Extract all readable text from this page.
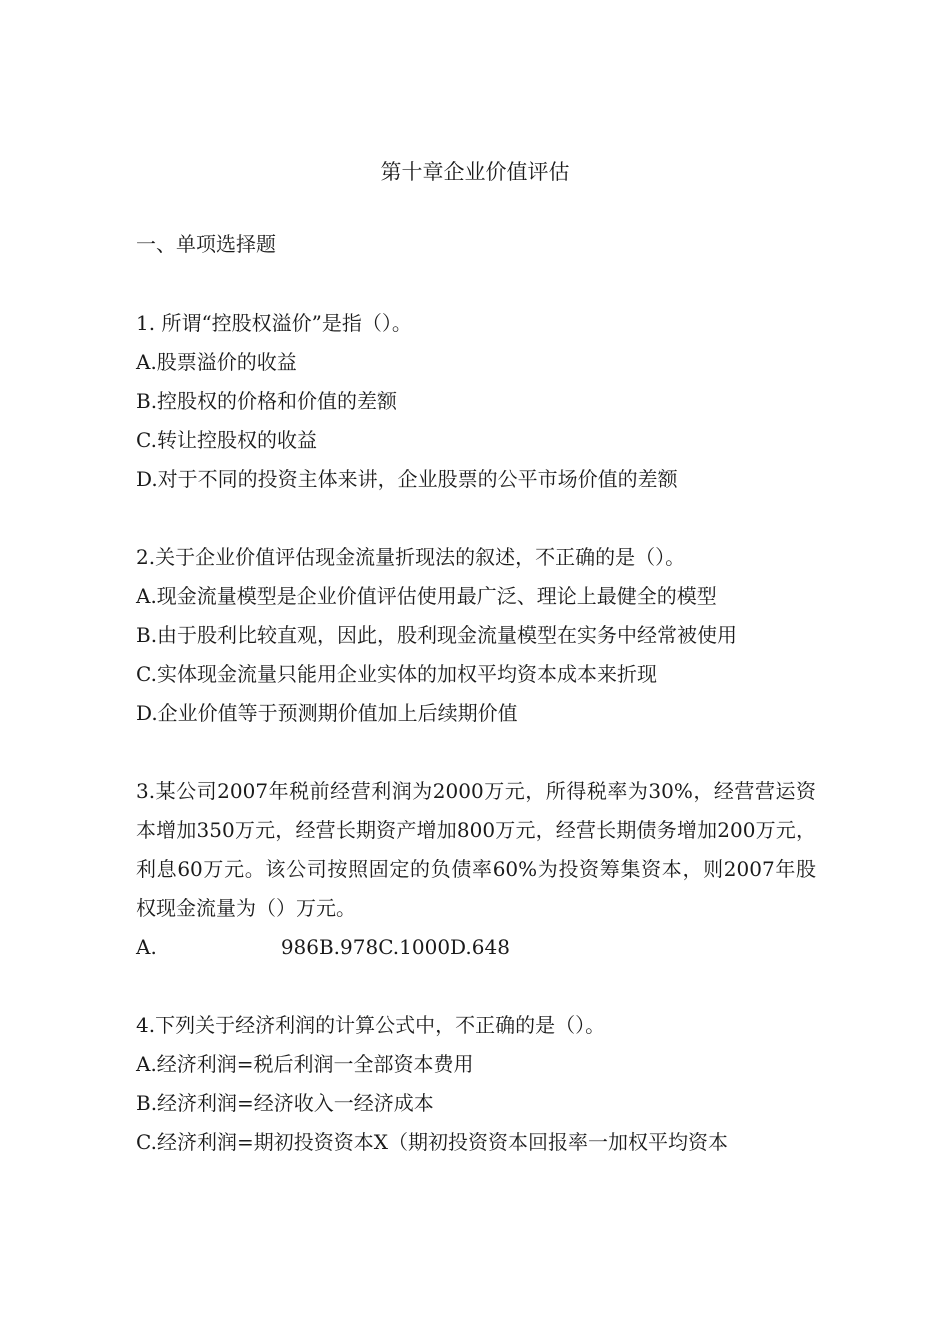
第十章企业价值评估
一、单项选择题
1. 所谓“控股权溢价”是指（）。
A.股票溢价的收益
B.控股权的价格和价值的差额
C.转让控股权的收益
D.对于不同的投资主体来讲，企业股票的公平市场价值的差额
2.关于企业价值评估现金流量折现法的叙述，不正确的是（）。
A.现金流量模型是企业价值评估使用最广泛、理论上最健全的模型
B.由于股利比较直观，因此，股利现金流量模型在实务中经常被使用
C.实体现金流量只能用企业实体的加权平均资本成本来折现
D.企业价值等于预测期价值加上后续期价值
3.某公司2007年税前经营利润为2000万元，所得税率为30%，经营营运资本增加350万元，经营长期资产增加800万元，经营长期债务增加200万元，利息60万元。该公司按照固定的负债率60%为投资筹集资本，则2007年股权现金流量为（）万元。
A.	986B.978C.1000D.648
4.下列关于经济利润的计算公式中，不正确的是（）。
A.经济利润=税后利润一全部资本费用
B.经济利润=经济收入一经济成本
C.经济利润=期初投资资本X（期初投资资本回报率一加权平均资本
